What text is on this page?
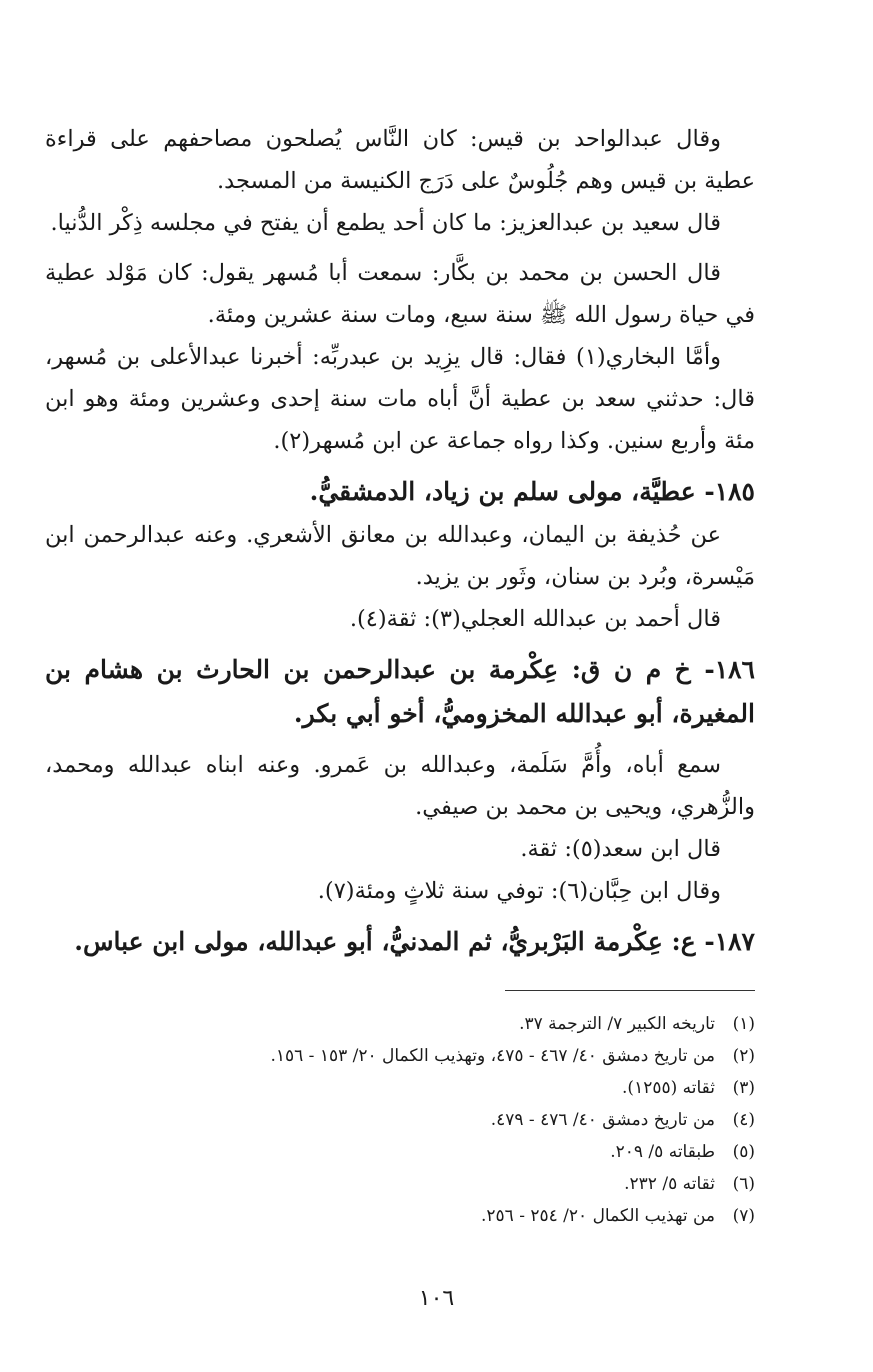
وقال عبدالواحد بن قيس: كان النَّاس يُصلحون مصاحفهم على قراءة عطية بن قيس وهم جُلُوسٌ على دَرَج الكنيسة من المسجد.

قال سعيد بن عبدالعزيز: ما كان أحد يطمع أن يفتح في مجلسه ذِكْر الدُّنيا.

قال الحسن بن محمد بن بكَّار: سمعت أبا مُسهر يقول: كان مَوْلد عطية في حياة رسول الله ﷺ سنة سبع، ومات سنة عشرين ومئة.

وأمَّا البخاري(١) فقال: قال يزِيد بن عبدربِّه: أخبرنا عبدالأعلى بن مُسهر، قال: حدثني سعد بن عطية أنَّ أباه مات سنة إحدى وعشرين ومئة وهو ابن مئة وأربع سنين. وكذا رواه جماعة عن ابن مُسهر(٢).

١٨٥- عطيَّة، مولى سلم بن زياد، الدمشقيُّ.

عن حُذيفة بن اليمان، وعبدالله بن معانق الأشعري. وعنه عبدالرحمن ابن مَيْسرة، وبُرد بن سنان، وثَور بن يزيد.

قال أحمد بن عبدالله العجلي(٣): ثقة(٤).

١٨٦- خ م ن ق: عِكْرمة بن عبدالرحمن بن الحارث بن هشام بن المغيرة، أبو عبدالله المخزوميُّ، أخو أبي بكر.

سمع أباه، وأُمَّ سَلَمة، وعبدالله بن عَمرو. وعنه ابناه عبدالله ومحمد، والزُّهري، ويحيى بن محمد بن صيفي.

قال ابن سعد(٥): ثقة.

وقال ابن حِبَّان(٦): توفي سنة ثلاثٍ ومئة(٧).

١٨٧- ع: عِكْرمة البَرْبريُّ، ثم المدنيُّ، أبو عبدالله، مولى ابن عباس.

(١)
تاريخه الكبير ٧/ الترجمة ٣٧.
(٢)
من تاريخ دمشق ٤٠/ ٤٦٧ - ٤٧٥، وتهذيب الكمال ٢٠/ ١٥٣ - ١٥٦.
(٣)
ثقاته (١٢٥٥).
(٤)
من تاريخ دمشق ٤٠/ ٤٧٦ - ٤٧٩.
(٥)
طبقاته ٥/ ٢٠٩.
(٦)
ثقاته ٥/ ٢٣٢.
(٧)
من تهذيب الكمال ٢٠/ ٢٥٤ - ٢٥٦.
١٠٦
